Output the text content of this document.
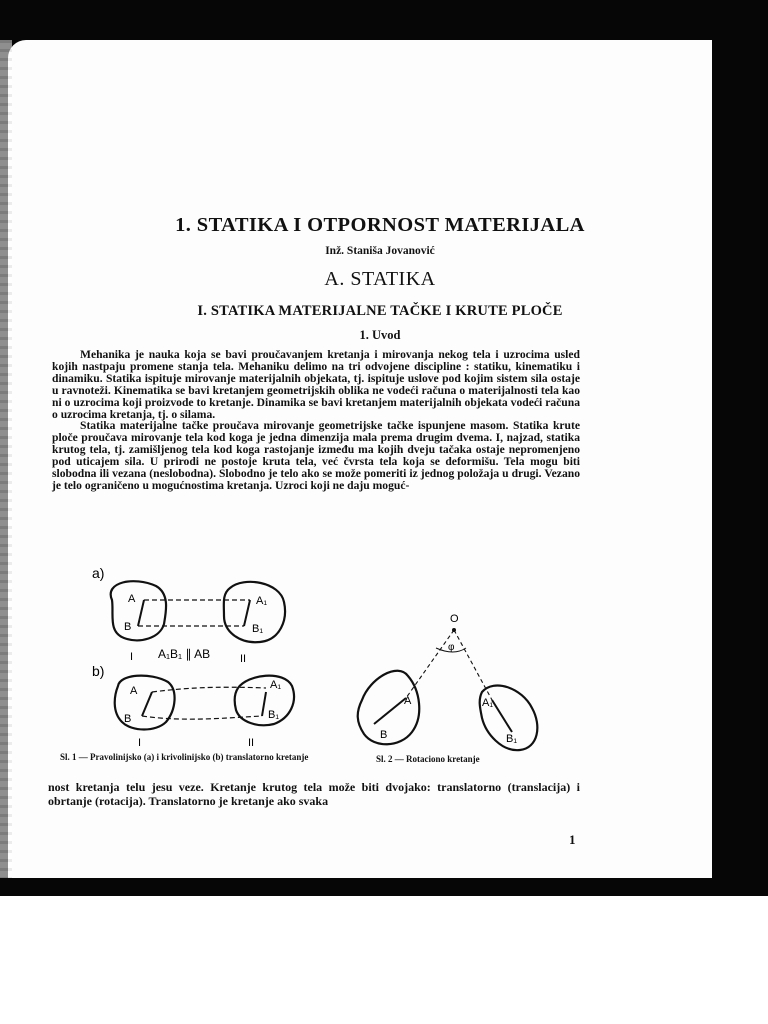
1. STATIKA I OTPORNOST MATERIJALA
Inž. Staniša Jovanović
A. STATIKA
I. STATIKA MATERIJALNE TAČKE I KRUTE PLOČE
1. Uvod

Mehanika je nauka koja se bavi proučavanjem kretanja i mirovanja nekog tela i uzrocima usled kojih nastpaju promene stanja tela. Mehaniku delimo na tri odvojene discipline : statiku, kinematiku i dinamiku. Statika ispituje mirovanje materijalnih objekata, tj. ispituje uslove pod kojim sistem sila ostaje u ravnoteži. Kinematika se bavi kretanjem geometrijskih oblika ne vodeći računa o materijalnosti tela kao ni o uzrocima koji proizvode to kretanje. Dinamika se bavi kretanjem materijalnih objekata vodeći računa o uzrocima kretanja, tj. o silama.

Statika materijalne tačke proučava mirovanje geometrijske tačke ispunjene masom. Statika krute ploče proučava mirovanje tela kod koga je jedna dimenzija mala prema drugim dvema. I, najzad, statika krutog tela, tj. zamišljenog tela kod koga rastojanje između ma kojih dveju tačaka ostaje nepromenjeno pod uticajem sila. U prirodi ne postoje kruta tela, već čvrsta tela koja se deformišu. Tela mogu biti slobodna ili vezana (neslobodna). Slobodno je telo ako se može pomeriti iz jednog položaja u drugi. Vezano je telo ograničeno u mogućnostima kretanja. Uzroci koji ne daju moguć-

a)
A
B
A₁
B₁
I	II
A₁B₁ ∥ AB
b)
A
B
A₁
B₁
I	II
Sl. 1 — Pravolinijsko (a) i krivolinijsko (b) translatorno kretanje
O
φ
A
B
A₁
B₁
Sl. 2 — Rotaciono kretanje

nost kretanja telu jesu veze. Kretanje krutog tela može biti dvojako: translatorno (translacija) i obrtanje (rotacija). Translatorno je kretanje ako svaka

1
